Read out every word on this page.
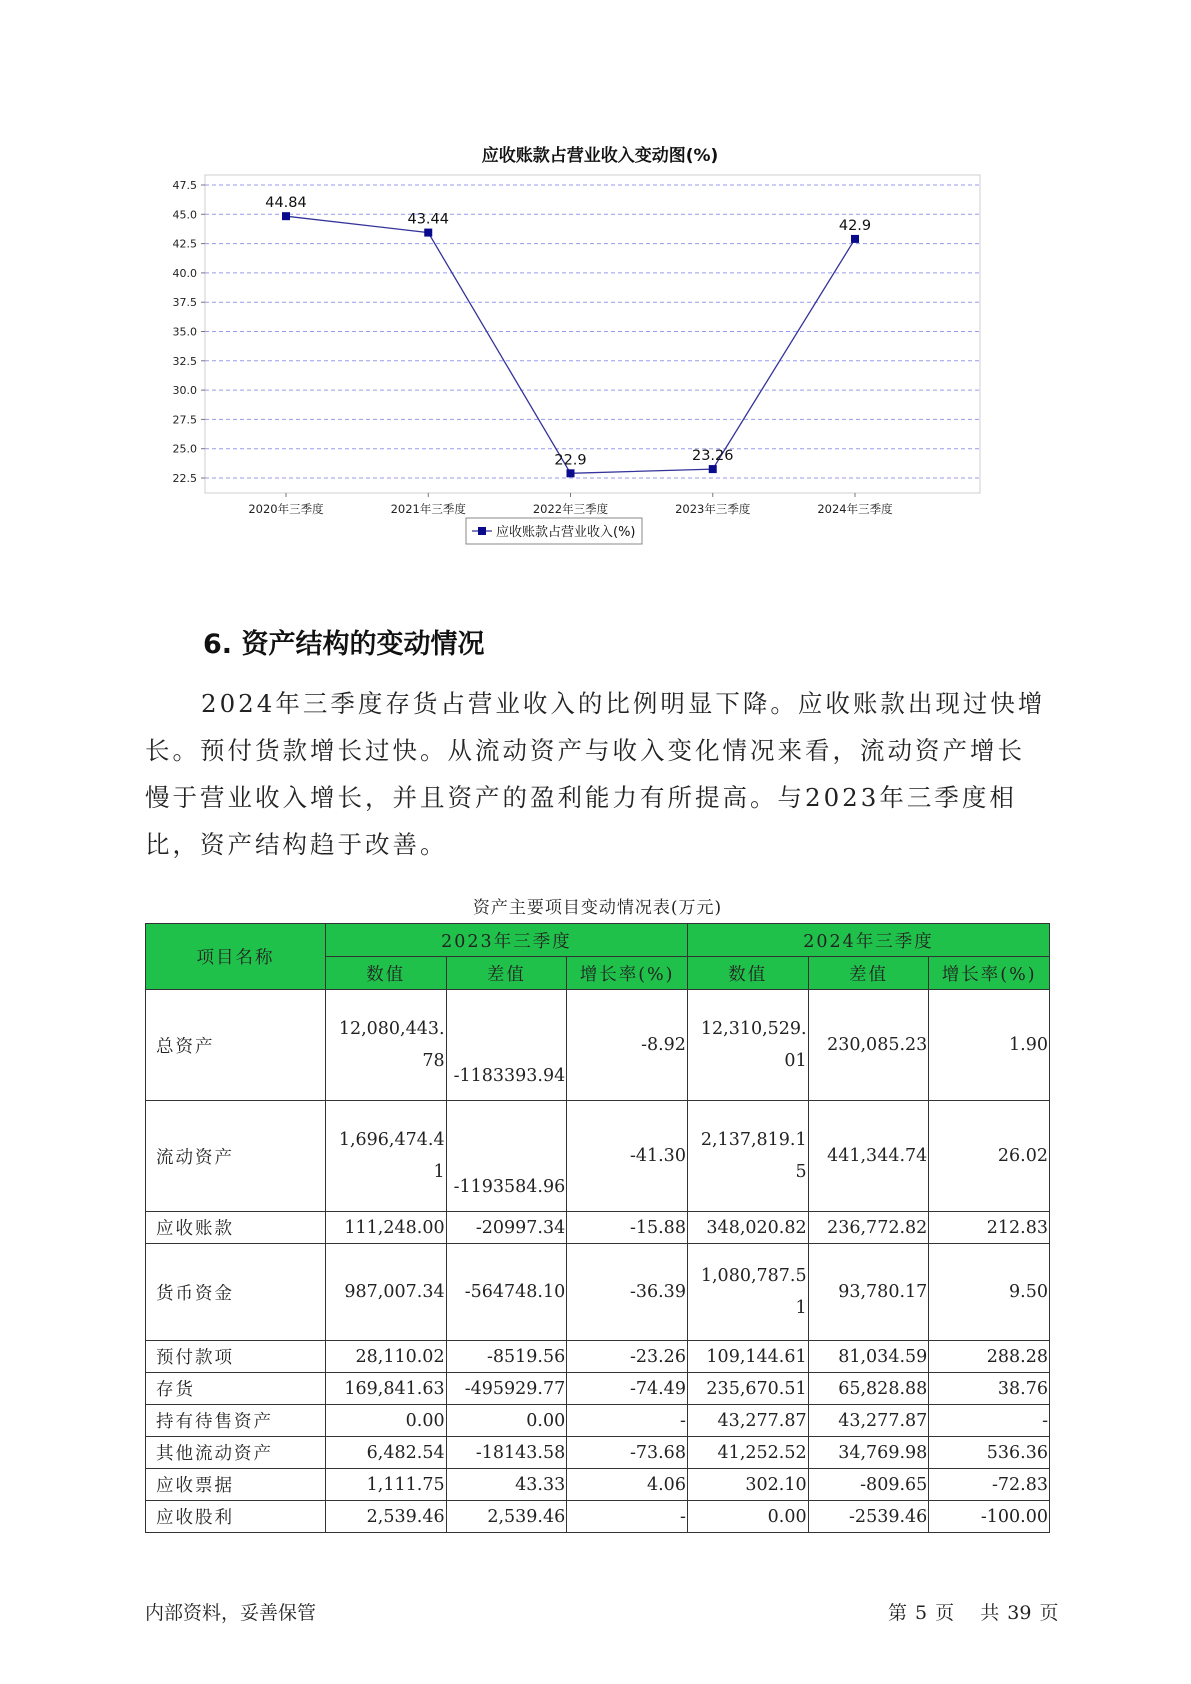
应收账款占营业收入变动图(%)
47.5
45.0
42.5
40.0
37.5
35.0
32.5
30.0
27.5
25.0
22.5
2020年三季度	2021年三季度	2022年三季度	2023年三季度	2024年三季度
44.84
43.44
22.9	23.26
42.9
应收账款占营业收入(%)
6. 资产结构的变动情况
2024年三季度存货占营业收入的比例明显下降。应收账款出现过快增长。预付货款增长过快。从流动资产与收入变化情况来看，流动资产增长慢于营业收入增长，并且资产的盈利能力有所提高。与2023年三季度相比，资产结构趋于改善。
资产主要项目变动情况表(万元)
项目名称	2023年三季度			2024年三季度		
	数值	差值	增长率(%)	数值	差值	增长率(%)
总资产	12,080,443.78	-1183393.94	-8.92	12,310,529.01	230,085.23	1.90
流动资产	1,696,474.41	-1193584.96	-41.30	2,137,819.15	441,344.74	26.02
应收账款	111,248.00	-20997.34	-15.88	348,020.82	236,772.82	212.83
货币资金	987,007.34	-564748.10	-36.39	1,080,787.51	93,780.17	9.50
预付款项	28,110.02	-8519.56	-23.26	109,144.61	81,034.59	288.28
存货	169,841.63	-495929.77	-74.49	235,670.51	65,828.88	38.76
持有待售资产	0.00	0.00	-	43,277.87	43,277.87	-
其他流动资产	6,482.54	-18143.58	-73.68	41,252.52	34,769.98	536.36
应收票据	1,111.75	43.33	4.06	302.10	-809.65	-72.83
应收股利	2,539.46	2,539.46	-	0.00	-2539.46	-100.00
内部资料，妥善保管	第 5 页 共 39 页
